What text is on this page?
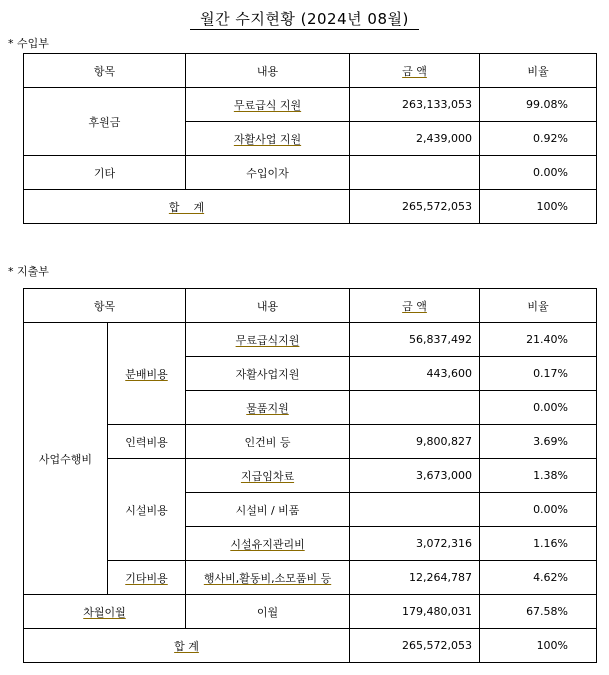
월간 수지현황 (2024년 08월)
* 수입부
항목	내용	금 액	비율
후원금	무료급식 지원	263,133,053	99.08%
	자활사업 지원	2,439,000	0.92%
기타	수입이자		0.00%
합    계		265,572,053	100%
* 지출부
항목		내용	금 액	비율
사업수행비	분배비용	무료급식지원	56,837,492	21.40%
		자활사업지원	443,600	0.17%
		물품지원		0.00%
	인력비용	인건비 등	9,800,827	3.69%
	시설비용	지급임차료	3,673,000	1.38%
		시설비 / 비품		0.00%
		시설유지관리비	3,072,316	1.16%
	기타비용	행사비,활동비,소모품비 등	12,264,787	4.62%
차월이월		이월	179,480,031	67.58%
합 계			265,572,053	100%
